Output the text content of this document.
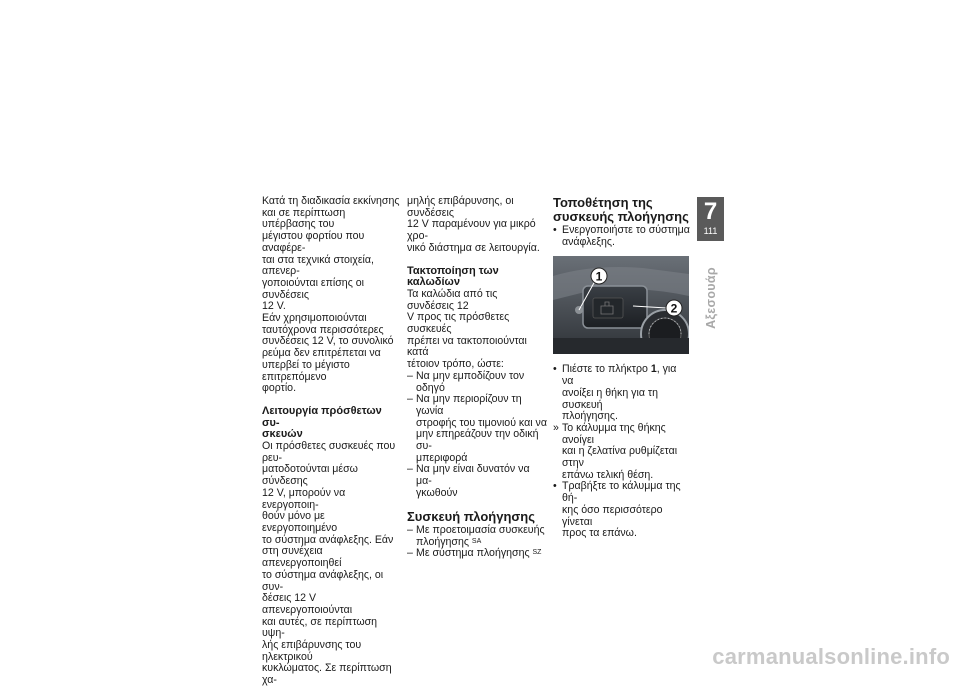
Κατά τη διαδικασία εκκίνησης

και σε περίπτωση υπέρβασης του

μέγιστου φορτίου που αναφέρε-

ται στα τεχνικά στοιχεία, απενερ-

γοποιούνται επίσης οι συνδέσεις

12 V.

Εάν χρησιμοποιούνται

ταυτόχρονα περισσότερες

συνδέσεις 12 V, το συνολικό

ρεύμα δεν επιτρέπεται να

υπερβεί το μέγιστο επιτρεπόμενο

φορτίο.

Λειτουργία πρόσθετων συ-
σκευών

Οι πρόσθετες συσκευές που ρευ-

ματοδοτούνται μέσω σύνδεσης

12 V, μπορούν να ενεργοποιη-

θούν μόνο με ενεργοποιημένο

το σύστημα ανάφλεξης. Εάν

στη συνέχεια απενεργοποιηθεί

το σύστημα ανάφλεξης, οι συν-

δέσεις 12 V απενεργοποιούνται

και αυτές, σε περίπτωση υψη-

λής επιβάρυνσης του ηλεκτρικού

κυκλώματος. Σε περίπτωση χα-

μηλής επιβάρυνσης, οι συνδέσεις

12 V παραμένουν για μικρό χρο-

νικό διάστημα σε λειτουργία.

Τακτοποίηση των καλωδίων

Τα καλώδια από τις συνδέσεις 12

V προς τις πρόσθετες συσκευές

πρέπει να τακτοποιούνται κατά

τέτοιον τρόπο, ώστε:

– Να μην εμποδίζουν τον οδηγό
– Να μην περιορίζουν τη γωνία
στροφής του τιμονιού και να
μην επηρεάζουν την οδική συ-
μπεριφορά
– Να μην είναι δυνατόν να μα-
γκωθούν
Συσκευή πλοήγησης
– Με προετοιμασία συσκευής
πλοήγησης $^{SA}$
– Με σύστημα πλοήγησης $^{SZ}$
Τοποθέτηση της
συσκευής πλοήγησης
• Ενεργοποιήστε το σύστημα
ανάφλεξης.
1
2
• Πιέστε το πλήκτρο 1, για να
ανοίξει η θήκη για τη συσκευή
πλοήγησης.
» Το κάλυμμα της θήκης ανοίγει
και η ζελατίνα ρυθμίζεται στην
επάνω τελική θέση.
• Τραβήξτε το κάλυμμα της θή-
κης όσο περισσότερο γίνεται
προς τα επάνω.
7
111
Αξεσουάρ
carmanualsonline.info
